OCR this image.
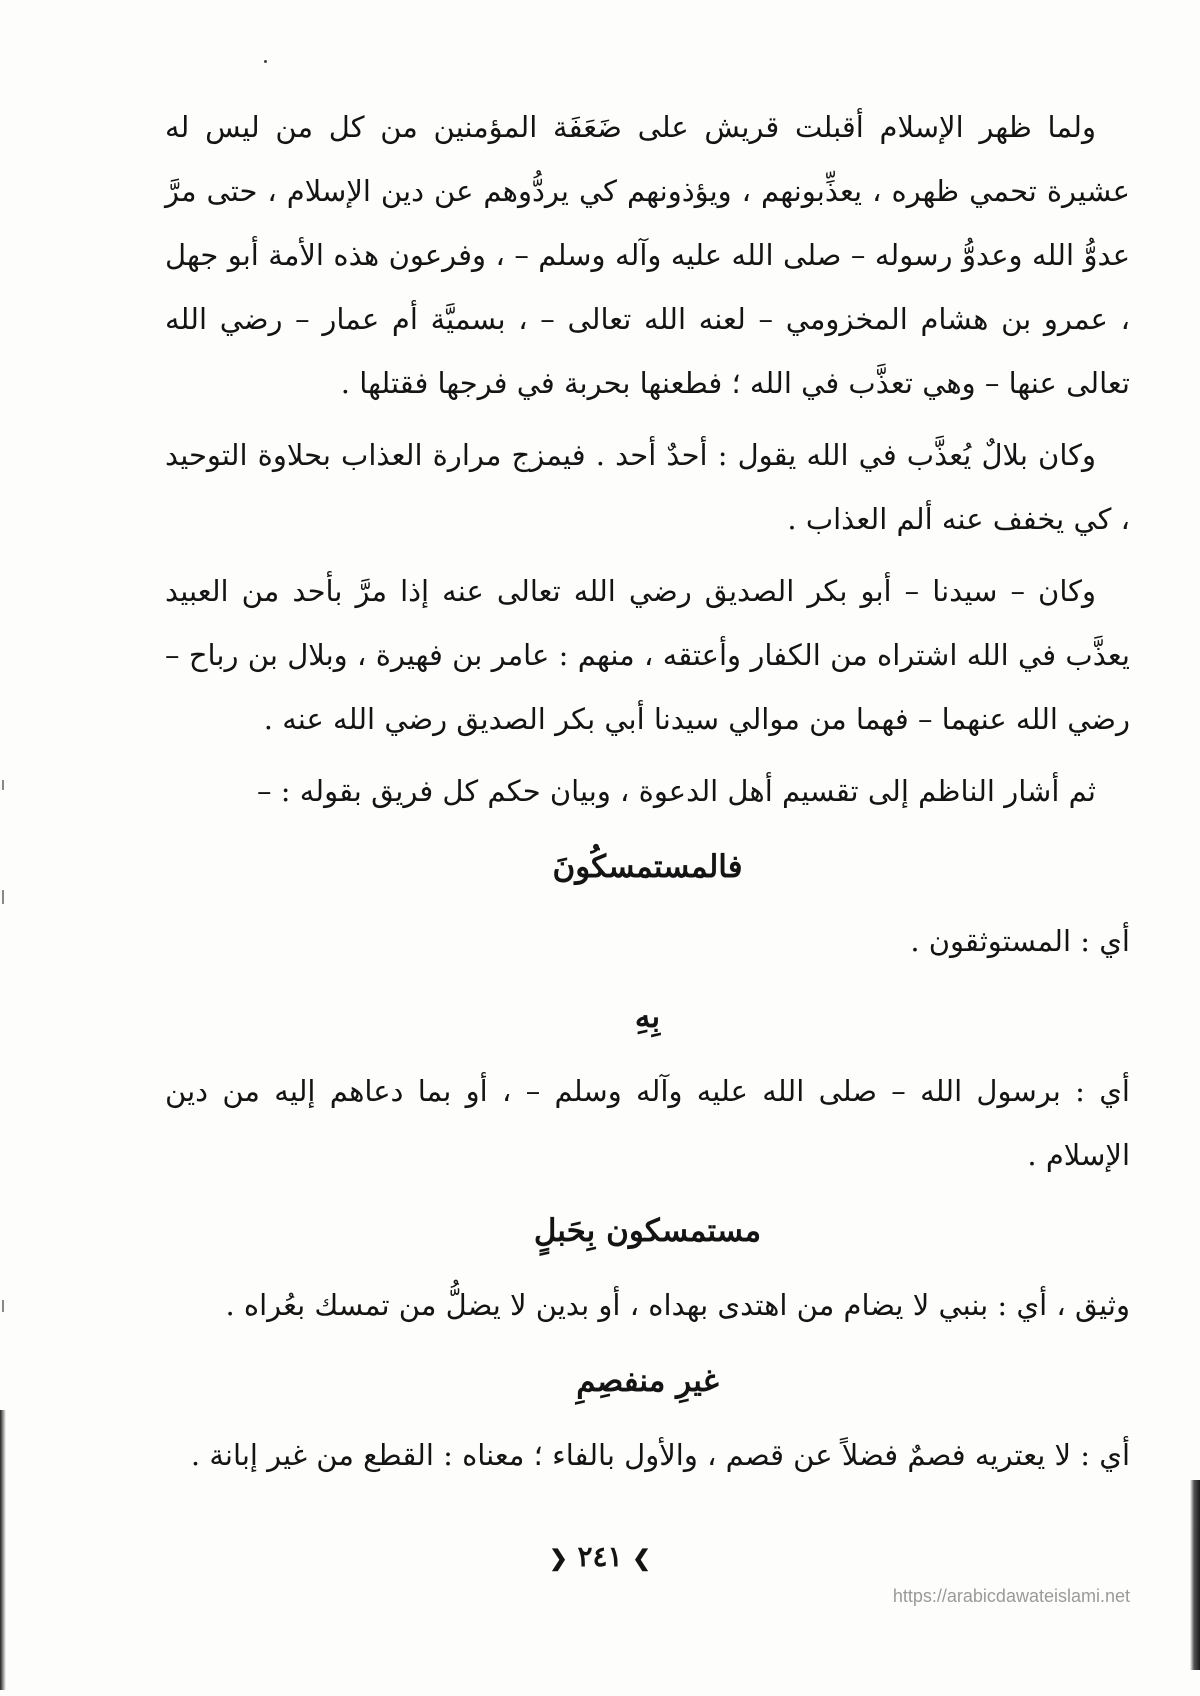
ولما ظهر الإسلام أقبلت قريش على ضَعَفَة المؤمنين من كل من ليس له عشيرة تحمي ظهره ، يعذِّبونهم ، ويؤذونهم كي يردُّوهم عن دين الإسلام ، حتى مرَّ عدوُّ الله وعدوُّ رسوله – صلى الله عليه وآله وسلم – ، وفرعون هذه الأمة أبو جهل ، عمرو بن هشام المخزومي – لعنه الله تعالى – ، بسميَّة أم عمار – رضي الله تعالى عنها – وهي تعذَّب في الله ؛ فطعنها بحربة في فرجها فقتلها .

وكان بلالٌ يُعذَّب في الله يقول : أحدٌ أحد . فيمزج مرارة العذاب بحلاوة التوحيد ، كي يخفف عنه ألم العذاب .

وكان – سيدنا – أبو بكر الصديق رضي الله تعالى عنه إذا مرَّ بأحد من العبيد يعذَّب في الله اشتراه من الكفار وأعتقه ، منهم : عامر بن فهيرة ، وبلال بن رباح – رضي الله عنهما – فهما من موالي سيدنا أبي بكر الصديق رضي الله عنه .

ثم أشار الناظم إلى تقسيم أهل الدعوة ، وبيان حكم كل فريق بقوله : –

فالمستمسكُونَ

أي : المستوثقون .

بِهِ

أي : برسول الله – صلى الله عليه وآله وسلم – ، أو بما دعاهم إليه من دين الإسلام .

مستمسكون بِحَبلٍ

وثيق ، أي : بنبي لا يضام من اهتدى بهداه ، أو بدين لا يضلُّ من تمسك بعُراه .

غيرِ منفصِمِ

أي : لا يعتريه فصمٌ فضلاً عن قصم ، والأول بالفاء ؛ معناه : القطع من غير إبانة .

❯ ٢٤١ ❮
https://arabicdawateislami.net
